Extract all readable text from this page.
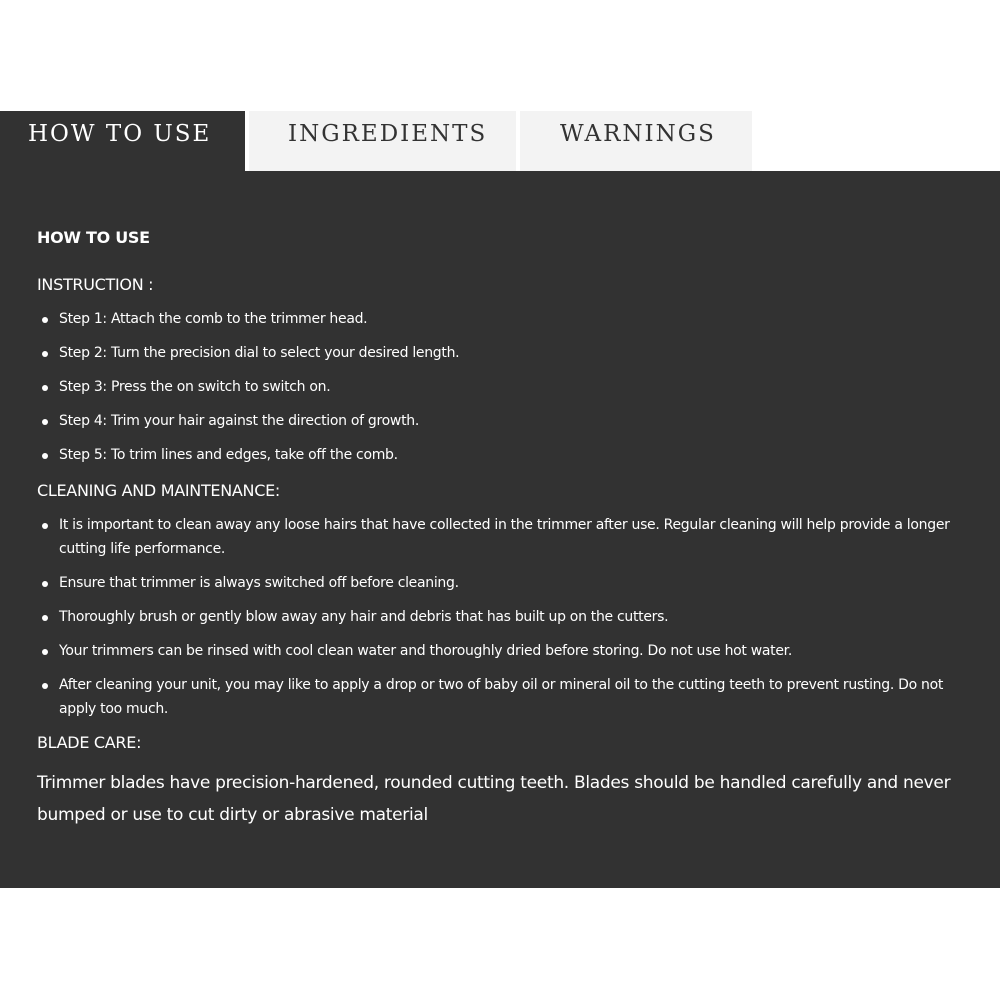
HOW TO USE	INGREDIENTS	WARNINGS
HOW TO USE

INSTRUCTION :

Step 1: Attach the comb to the trimmer head.
Step 2: Turn the precision dial to select your desired length.
Step 3: Press the on switch to switch on.
Step 4: Trim your hair against the direction of growth.
Step 5: To trim lines and edges, take off the comb.

CLEANING AND MAINTENANCE:

It is important to clean away any loose hairs that have collected in the trimmer after use. Regular cleaning will help provide a longer cutting life performance.
Ensure that trimmer is always switched off before cleaning.
Thoroughly brush or gently blow away any hair and debris that has built up on the cutters.
Your trimmers can be rinsed with cool clean water and thoroughly dried before storing. Do not use hot water.
After cleaning your unit, you may like to apply a drop or two of baby oil or mineral oil to the cutting teeth to prevent rusting. Do not apply too much.

BLADE CARE:

Trimmer blades have precision-hardened, rounded cutting teeth. Blades should be handled carefully and never bumped or use to cut dirty or abrasive material
